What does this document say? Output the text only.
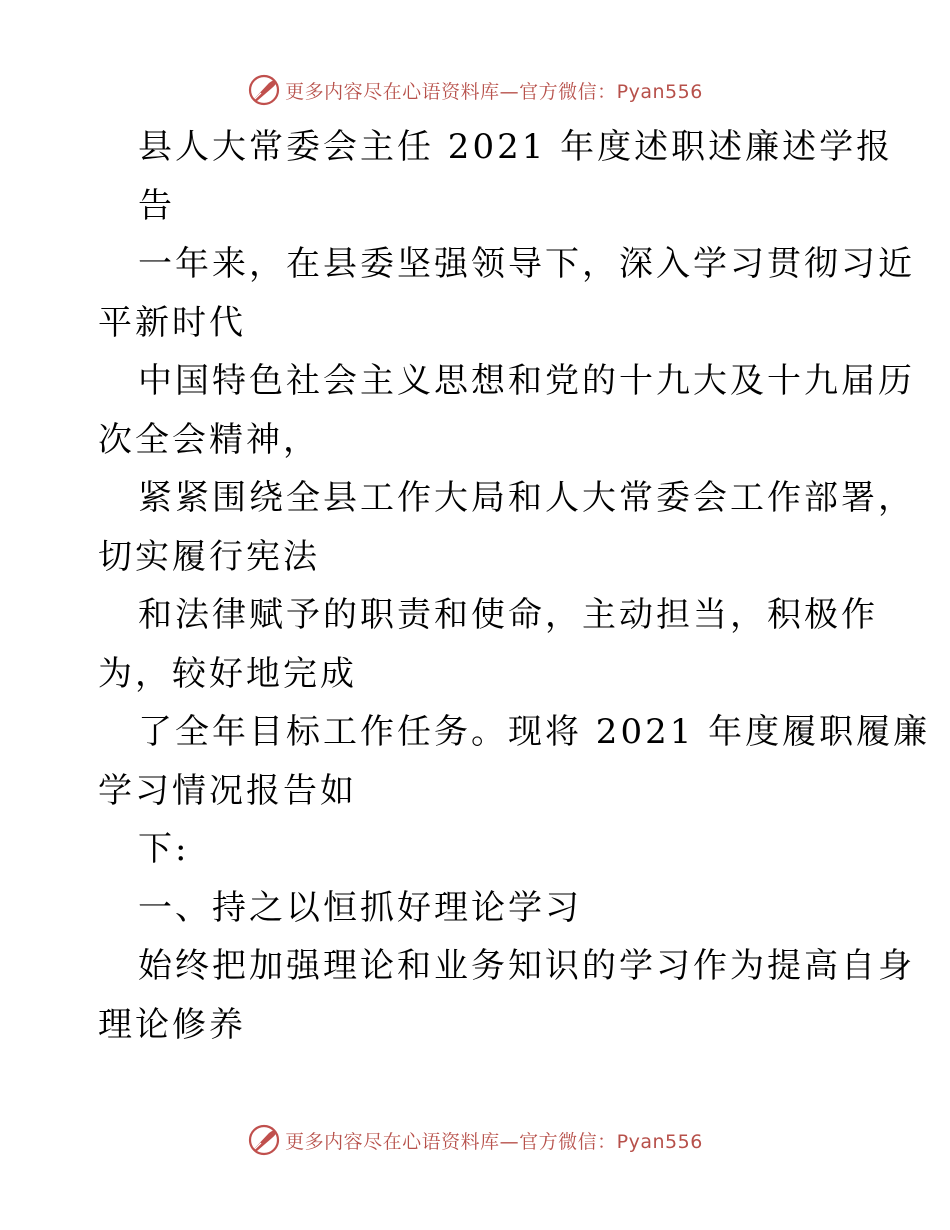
更多内容尽在心语资料库—官方微信：Pyan556
县人大常委会主任 2021 年度述职述廉述学报
告
一年来，在县委坚强领导下，深入学习贯彻习近
平新时代
中国特色社会主义思想和党的十九大及十九届历
次全会精神，
紧紧围绕全县工作大局和人大常委会工作部署，
切实履行宪法
和法律赋予的职责和使命，主动担当，积极作
为，较好地完成
了全年目标工作任务。现将 2021 年度履职履廉
学习情况报告如
下:
一、持之以恒抓好理论学习
始终把加强理论和业务知识的学习作为提高自身
理论修养
更多内容尽在心语资料库—官方微信：Pyan556
